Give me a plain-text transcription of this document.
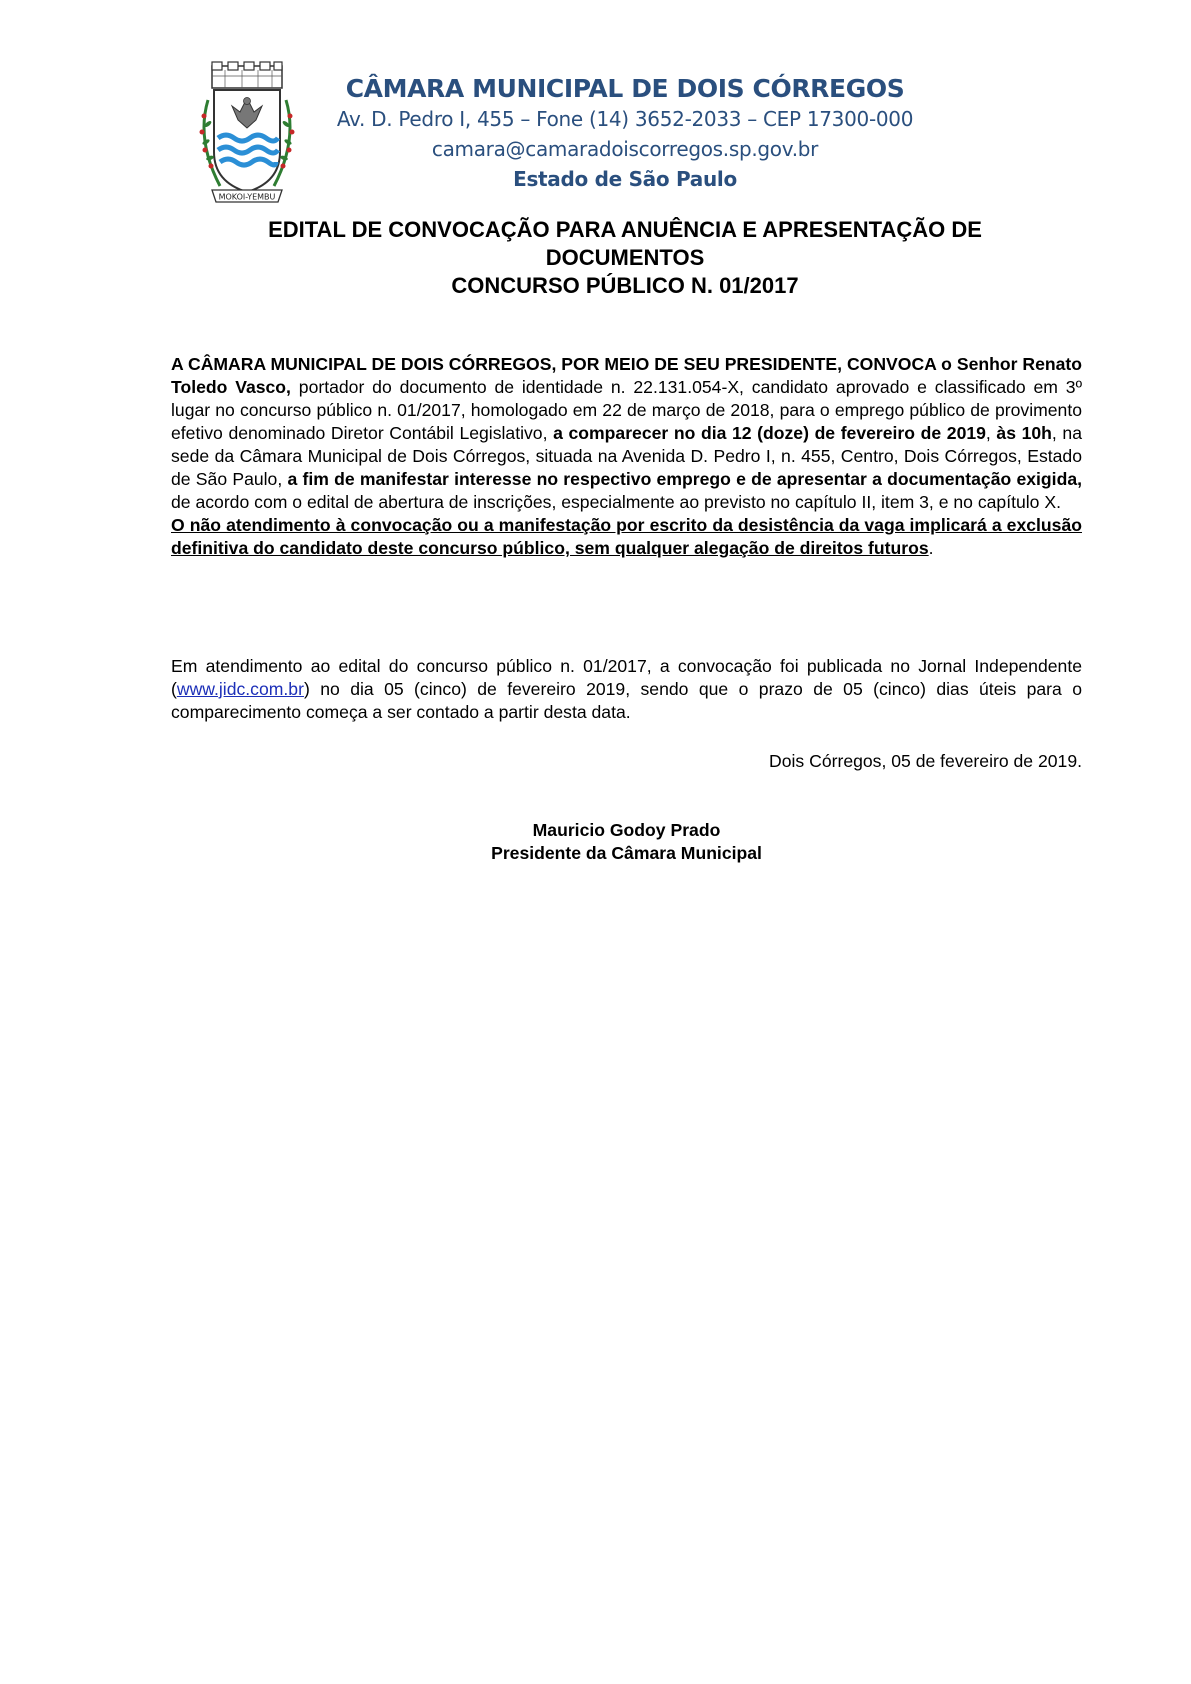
MOKOI-YEMBU
CÂMARA MUNICIPAL DE DOIS CÓRREGOS
Av. D. Pedro I, 455 – Fone (14) 3652-2033 – CEP 17300-000
camara@camaradoiscorregos.sp.gov.br
Estado de São Paulo
EDITAL DE CONVOCAÇÃO PARA ANUÊNCIA E APRESENTAÇÃO DE
DOCUMENTOS
CONCURSO PÚBLICO N. 01/2017
A CÂMARA MUNICIPAL DE DOIS CÓRREGOS, POR MEIO DE SEU PRESIDENTE, CONVOCA o Senhor Renato Toledo Vasco, portador do documento de identidade n. 22.131.054-X, candidato aprovado e classificado em 3º lugar no concurso público n. 01/2017, homologado em 22 de março de 2018, para o emprego público de provimento efetivo denominado Diretor Contábil Legislativo, a comparecer no dia 12 (doze) de fevereiro de 2019, às 10h, na sede da Câmara Municipal de Dois Córregos, situada na Avenida D. Pedro I, n. 455, Centro, Dois Córregos, Estado de São Paulo, a fim de manifestar interesse no respectivo emprego e de apresentar a documentação exigida, de acordo com o edital de abertura de inscrições, especialmente ao previsto no capítulo II, item 3, e no capítulo X.
O não atendimento à convocação ou a manifestação por escrito da desistência da vaga implicará a exclusão definitiva do candidato deste concurso público, sem qualquer alegação de direitos futuros.
Em atendimento ao edital do concurso público n. 01/2017, a convocação foi publicada no Jornal Independente (www.jidc.com.br) no dia 05 (cinco) de fevereiro 2019, sendo que o prazo de 05 (cinco) dias úteis para o comparecimento começa a ser contado a partir desta data.
Dois Córregos, 05 de fevereiro de 2019.
Mauricio Godoy Prado
Presidente da Câmara Municipal
